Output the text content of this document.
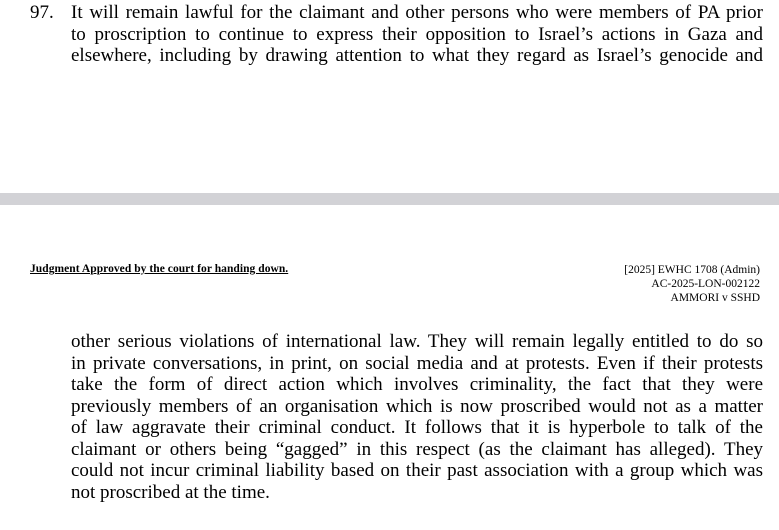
97. It will remain lawful for the claimant and other persons who were members of PA prior
to proscription to continue to express their opposition to Israel’s actions in Gaza and
elsewhere, including by drawing attention to what they regard as Israel’s genocide and
Judgment Approved by the court for handing down.	[2025] EWHC 1708 (Admin)
AC-2025-LON-002122
AMMORI v SSHD
other serious violations of international law. They will remain legally entitled to do so
in private conversations, in print, on social media and at protests. Even if their protests
take the form of direct action which involves criminality, the fact that they were
previously members of an organisation which is now proscribed would not as a matter
of law aggravate their criminal conduct. It follows that it is hyperbole to talk of the
claimant or others being “gagged” in this respect (as the claimant has alleged). They
could not incur criminal liability based on their past association with a group which was
not proscribed at the time.
